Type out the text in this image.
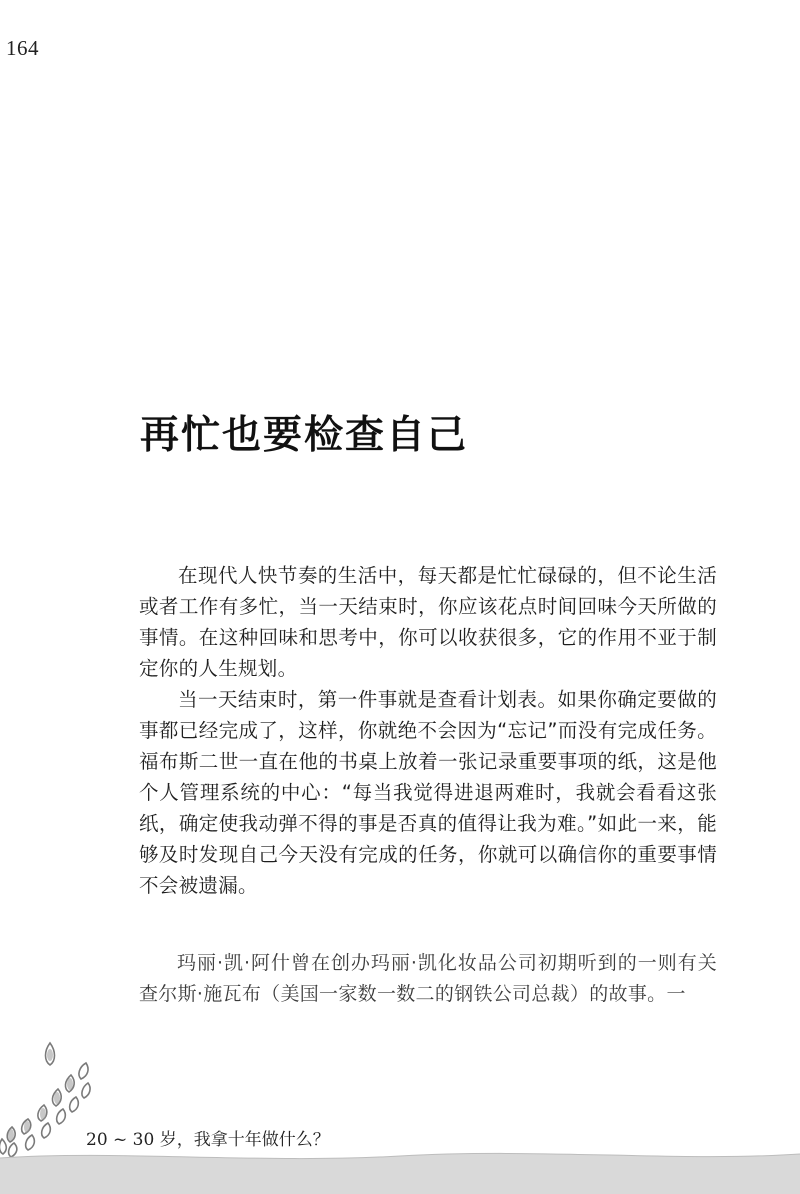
164
再忙也要检查自己

在现代人快节奏的生活中，每天都是忙忙碌碌的，但不论生活或者工作有多忙，当一天结束时，你应该花点时间回味今天所做的事情。在这种回味和思考中，你可以收获很多，它的作用不亚于制定你的人生规划。

当一天结束时，第一件事就是查看计划表。如果你确定要做的事都已经完成了，这样，你就绝不会因为“忘记”而没有完成任务。福布斯二世一直在他的书桌上放着一张记录重要事项的纸，这是他个人管理系统的中心：“每当我觉得进退两难时，我就会看看这张纸，确定使我动弹不得的事是否真的值得让我为难。”如此一来，能够及时发现自己今天没有完成的任务，你就可以确信你的重要事情不会被遗漏。

玛丽·凯·阿什曾在创办玛丽·凯化妆品公司初期听到的一则有关查尔斯·施瓦布（美国一家数一数二的钢铁公司总裁）的故事。一

20 ~ 30 岁，我拿十年做什么？
